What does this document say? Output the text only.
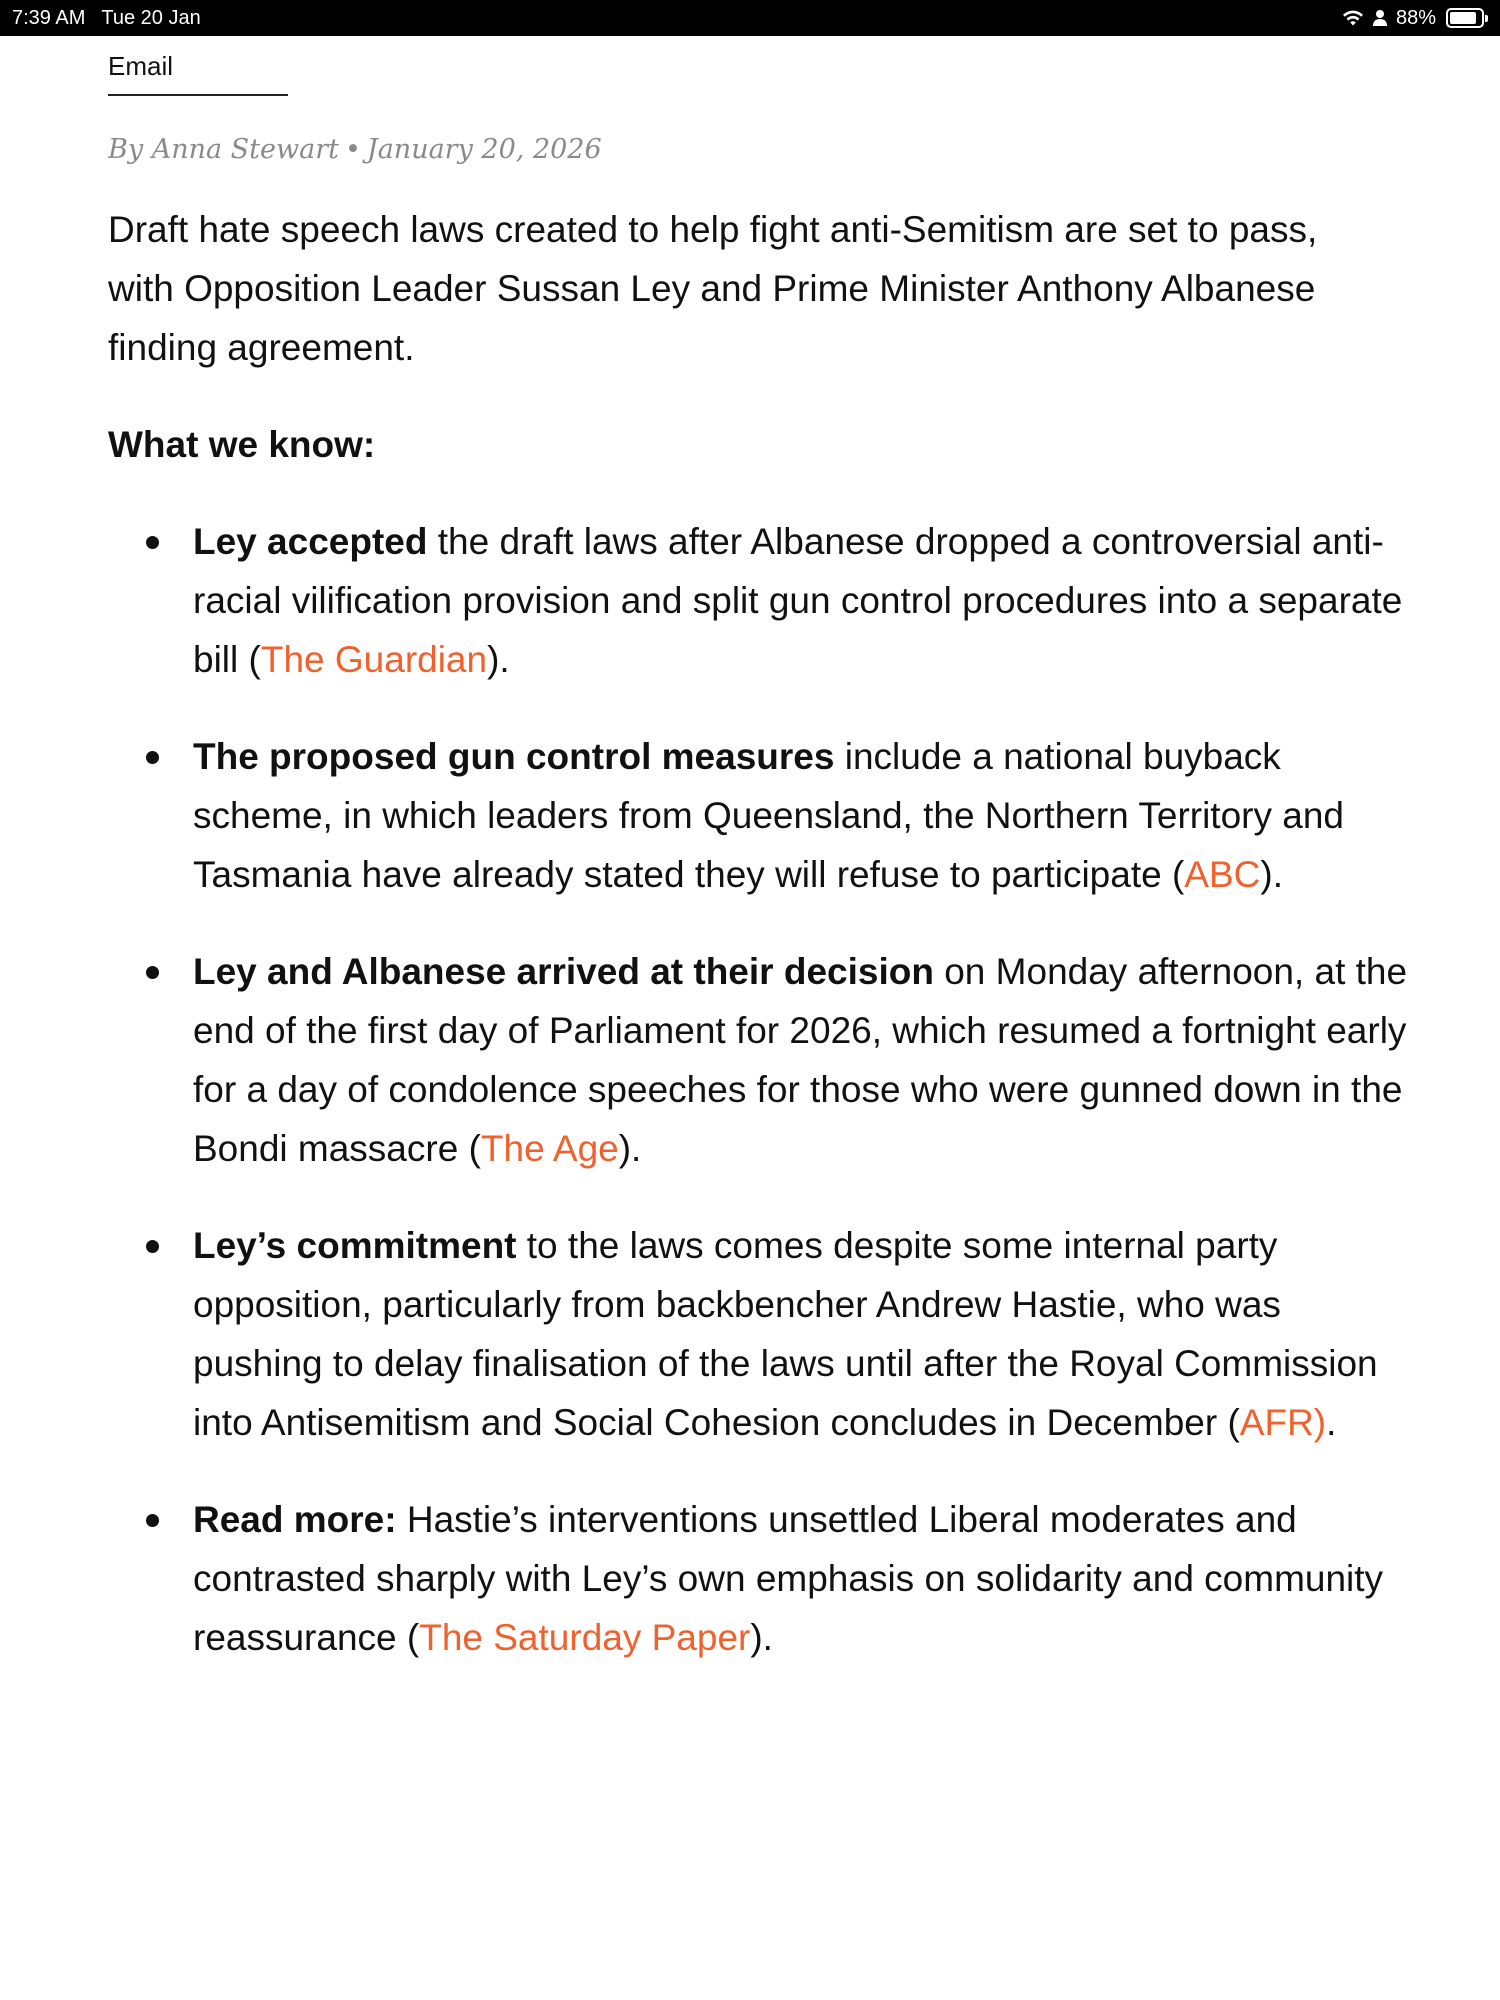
7:39 AM Tue 20 Jan	88%
Email
By Anna Stewart • January 20, 2026

Draft hate speech laws created to help fight anti-Semitism are set to pass, with Opposition Leader Sussan Ley and Prime Minister Anthony Albanese finding agreement.

What we know:
Ley accepted the draft laws after Albanese dropped a controversial anti-racial vilification provision and split gun control procedures into a separate bill (The Guardian).
The proposed gun control measures include a national buyback scheme, in which leaders from Queensland, the Northern Territory and Tasmania have already stated they will refuse to participate (ABC).
Ley and Albanese arrived at their decision on Monday afternoon, at the end of the first day of Parliament for 2026, which resumed a fortnight early for a day of condolence speeches for those who were gunned down in the Bondi massacre (The Age).
Ley’s commitment to the laws comes despite some internal party opposition, particularly from backbencher Andrew Hastie, who was pushing to delay finalisation of the laws until after the Royal Commission into Antisemitism and Social Cohesion concludes in December (AFR).
Read more: Hastie’s interventions unsettled Liberal moderates and contrasted sharply with Ley’s own emphasis on solidarity and community reassurance (The Saturday Paper).
